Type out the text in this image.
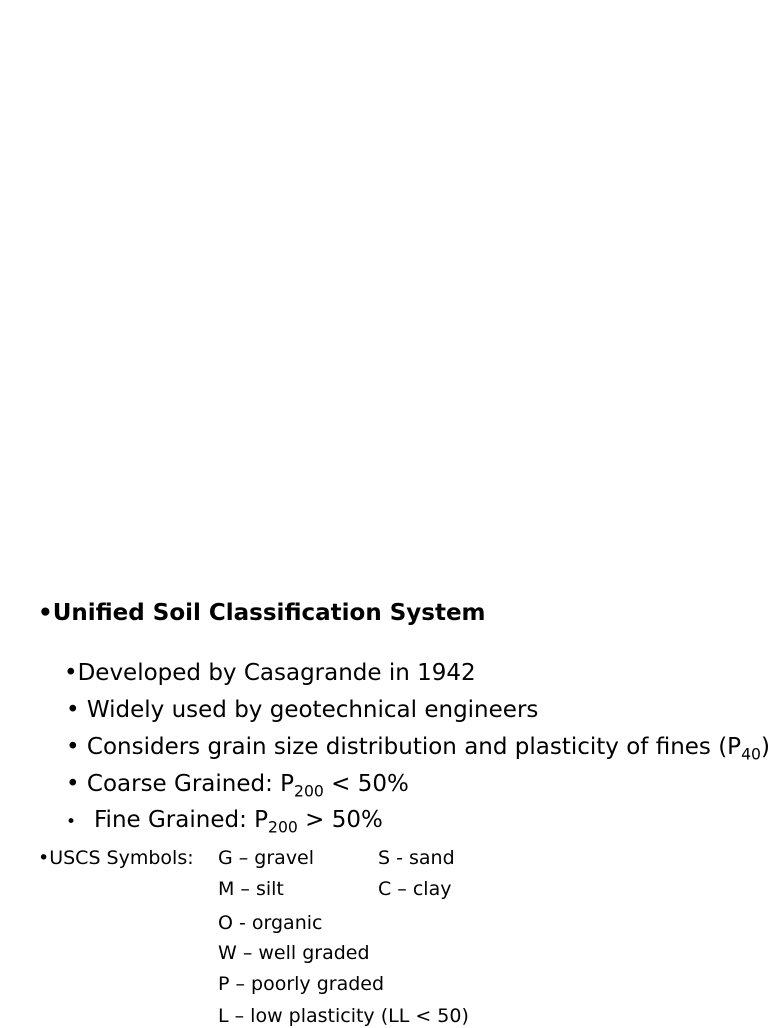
•Unified Soil Classification System
•Developed by Casagrande in 1942
• Widely used by geotechnical engineers
• Considers grain size distribution and plasticity of fines $(P_{40})$
• Coarse Grained: $P_{200} < 50\%$
• Fine Grained: $P_{200} > 50\%$
•USCS Symbols: G – gravel	S - sand
M – silt	C – clay
O - organic
W – well graded
P – poorly graded
L – low plasticity (LL < 50)
